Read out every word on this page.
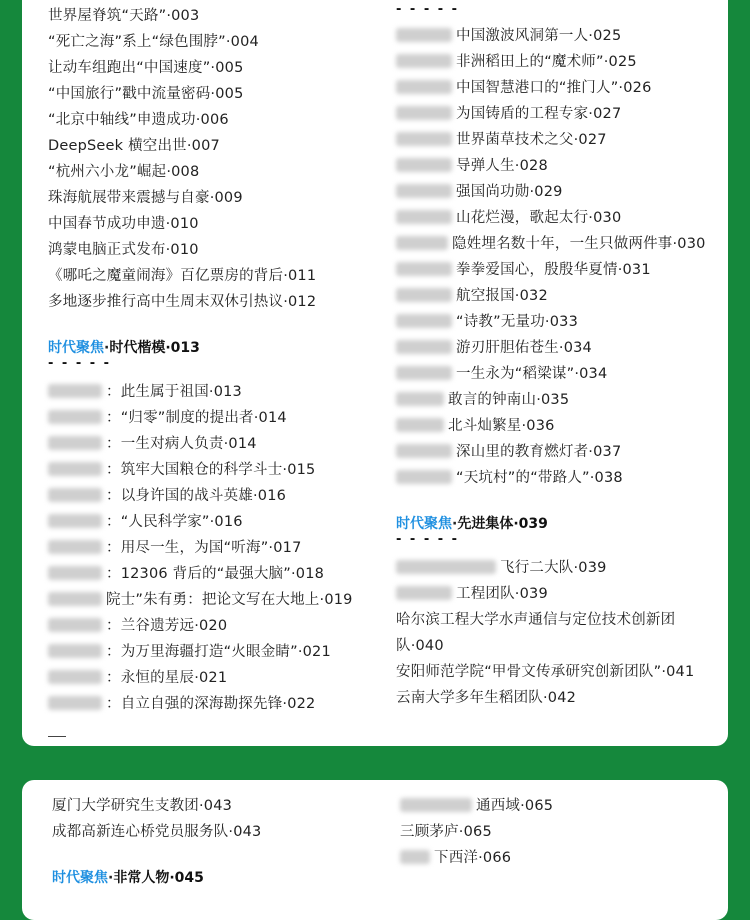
世界屋脊筑“天路”·003
“死亡之海”系上“绿色围脖”·004
让动车组跑出“中国速度”·005
“中国旅行”戳中流量密码·005
“北京中轴线”申遗成功·006
DeepSeek 横空出世·007
“杭州六小龙”崛起·008
珠海航展带来震撼与自豪·009
中国春节成功申遗·010
鸿蒙电脑正式发布·010
《哪吒之魔童闹海》百亿票房的背后·011
多地逐步推行高中生周末双休引热议·012
时代聚焦·时代楷模·013
- - - - -
：此生属于祖国·013
：“归零”制度的提出者·014
：一生对病人负责·014
：筑牢大国粮仓的科学斗士·015
：以身许国的战斗英雄·016
：“人民科学家”·016
：用尽一生，为国“听海”·017
：12306 背后的“最强大脑”·018
院士”朱有勇：把论文写在大地上·019
：兰谷遗芳远·020
：为万里海疆打造“火眼金睛”·021
：永恒的星辰·021
：自立自强的深海勘探先锋·022
- - - - -
中国激波风洞第一人·025
非洲稻田上的“魔术师”·025
中国智慧港口的“推门人”·026
为国铸盾的工程专家·027
世界菌草技术之父·027
导弹人生·028
强国尚功勋·029
山花烂漫，歌起太行·030
隐姓埋名数十年，一生只做两件事·030
拳拳爱国心，殷殷华夏情·031
航空报国·032
“诗教”无量功·033
游刃肝胆佑苍生·034
一生永为“稻梁谋”·034
敢言的钟南山·035
北斗灿繁星·036
深山里的教育燃灯者·037
“天坑村”的“带路人”·038
时代聚焦·先进集体·039
- - - - -
飞行二大队·039
工程团队·039
哈尔滨工程大学水声通信与定位技术创新团
队·040
安阳师范学院“甲骨文传承研究创新团队”·041
云南大学多年生稻团队·042
厦门大学研究生支教团·043
成都高新连心桥党员服务队·043
时代聚焦·非常人物·045
通西域·065
三顾茅庐·065
下西洋·066
